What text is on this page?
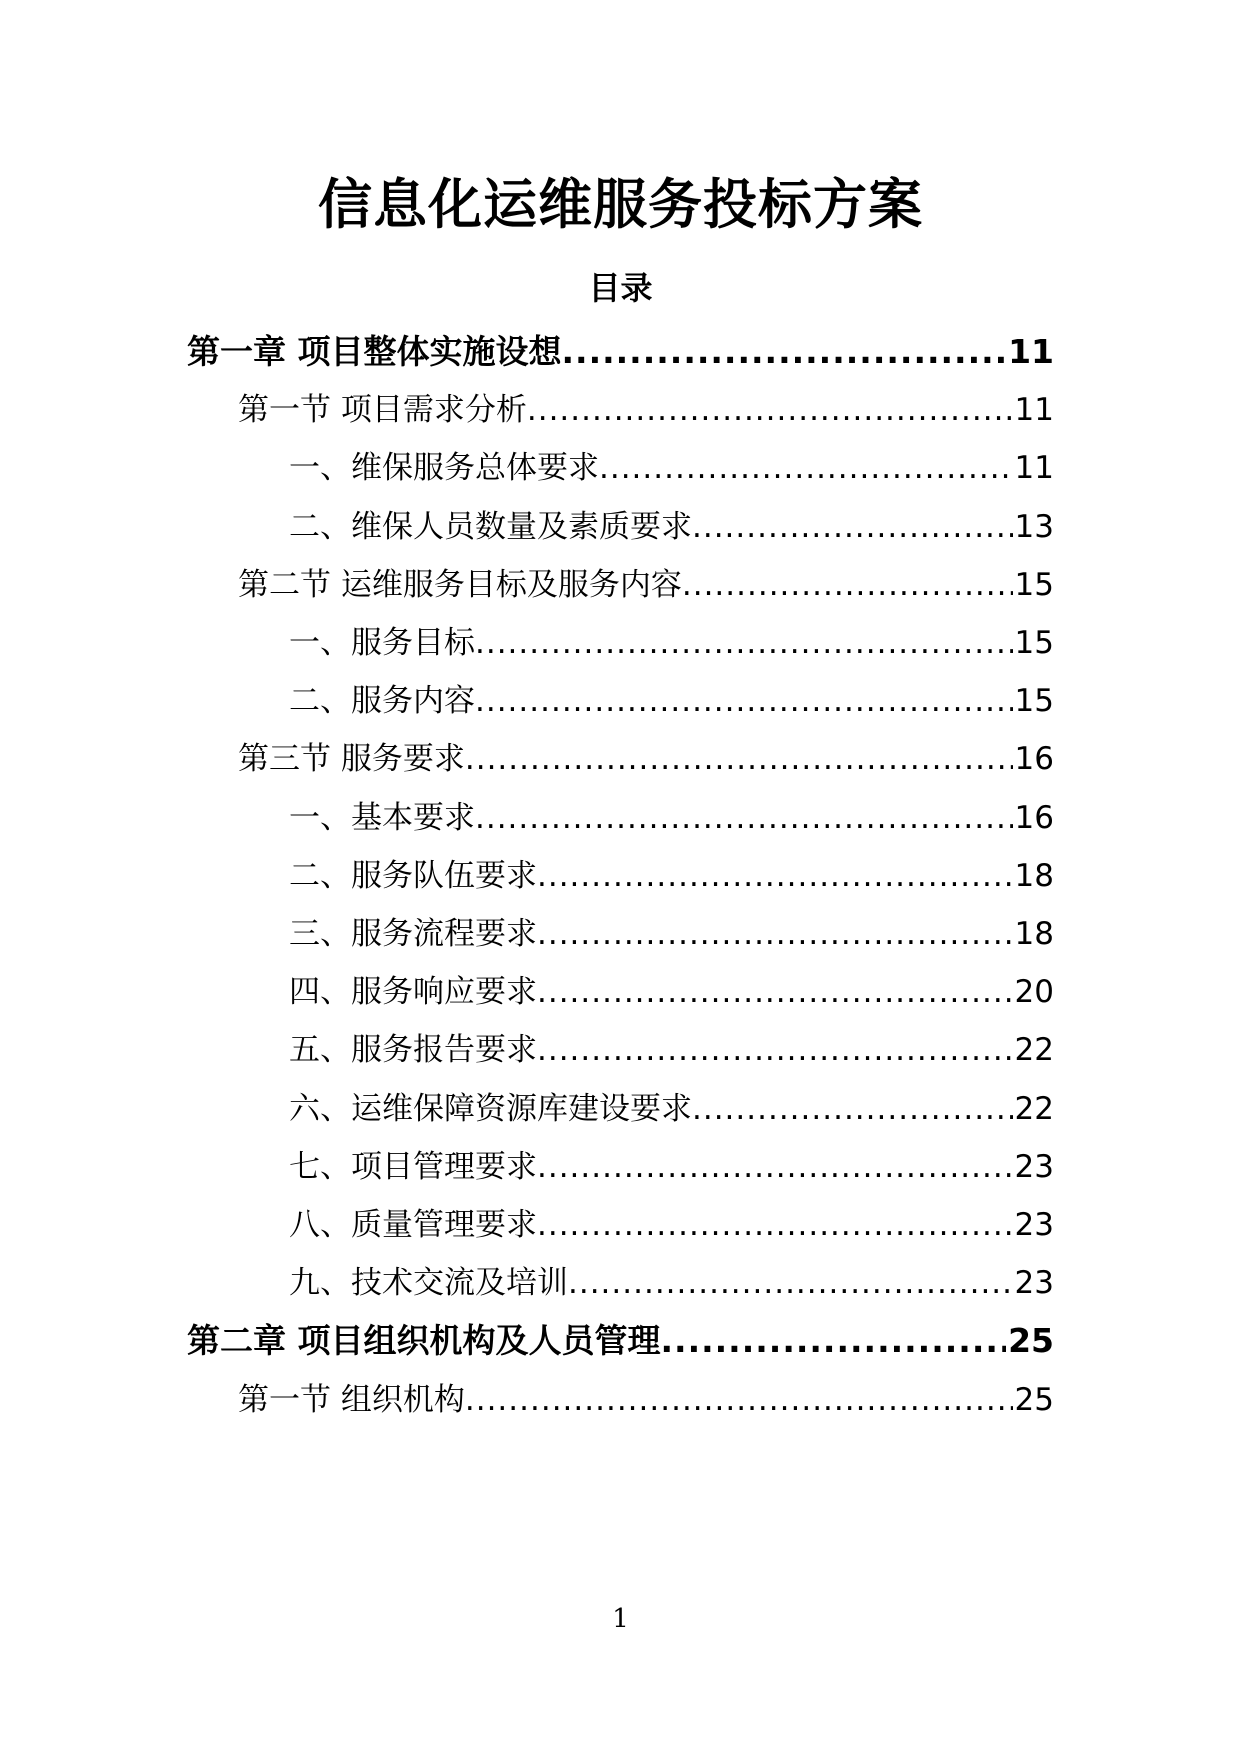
信息化运维服务投标方案
目录
第一章 项目整体实施设想 .....	11
第一节 项目需求分析 .....	11
一、维保服务总体要求 .....	11
二、维保人员数量及素质要求 .....	13
第二节 运维服务目标及服务内容 .....	15
一、服务目标 .....	15
二、服务内容 .....	15
第三节 服务要求 .....	16
一、基本要求 .....	16
二、服务队伍要求 .....	18
三、服务流程要求 .....	18
四、服务响应要求 .....	20
五、服务报告要求 .....	22
六、运维保障资源库建设要求 .....	22
七、项目管理要求 .....	23
八、质量管理要求 .....	23
九、技术交流及培训 .....	23
第二章 项目组织机构及人员管理 .....	25
第一节 组织机构 .....	25
1
